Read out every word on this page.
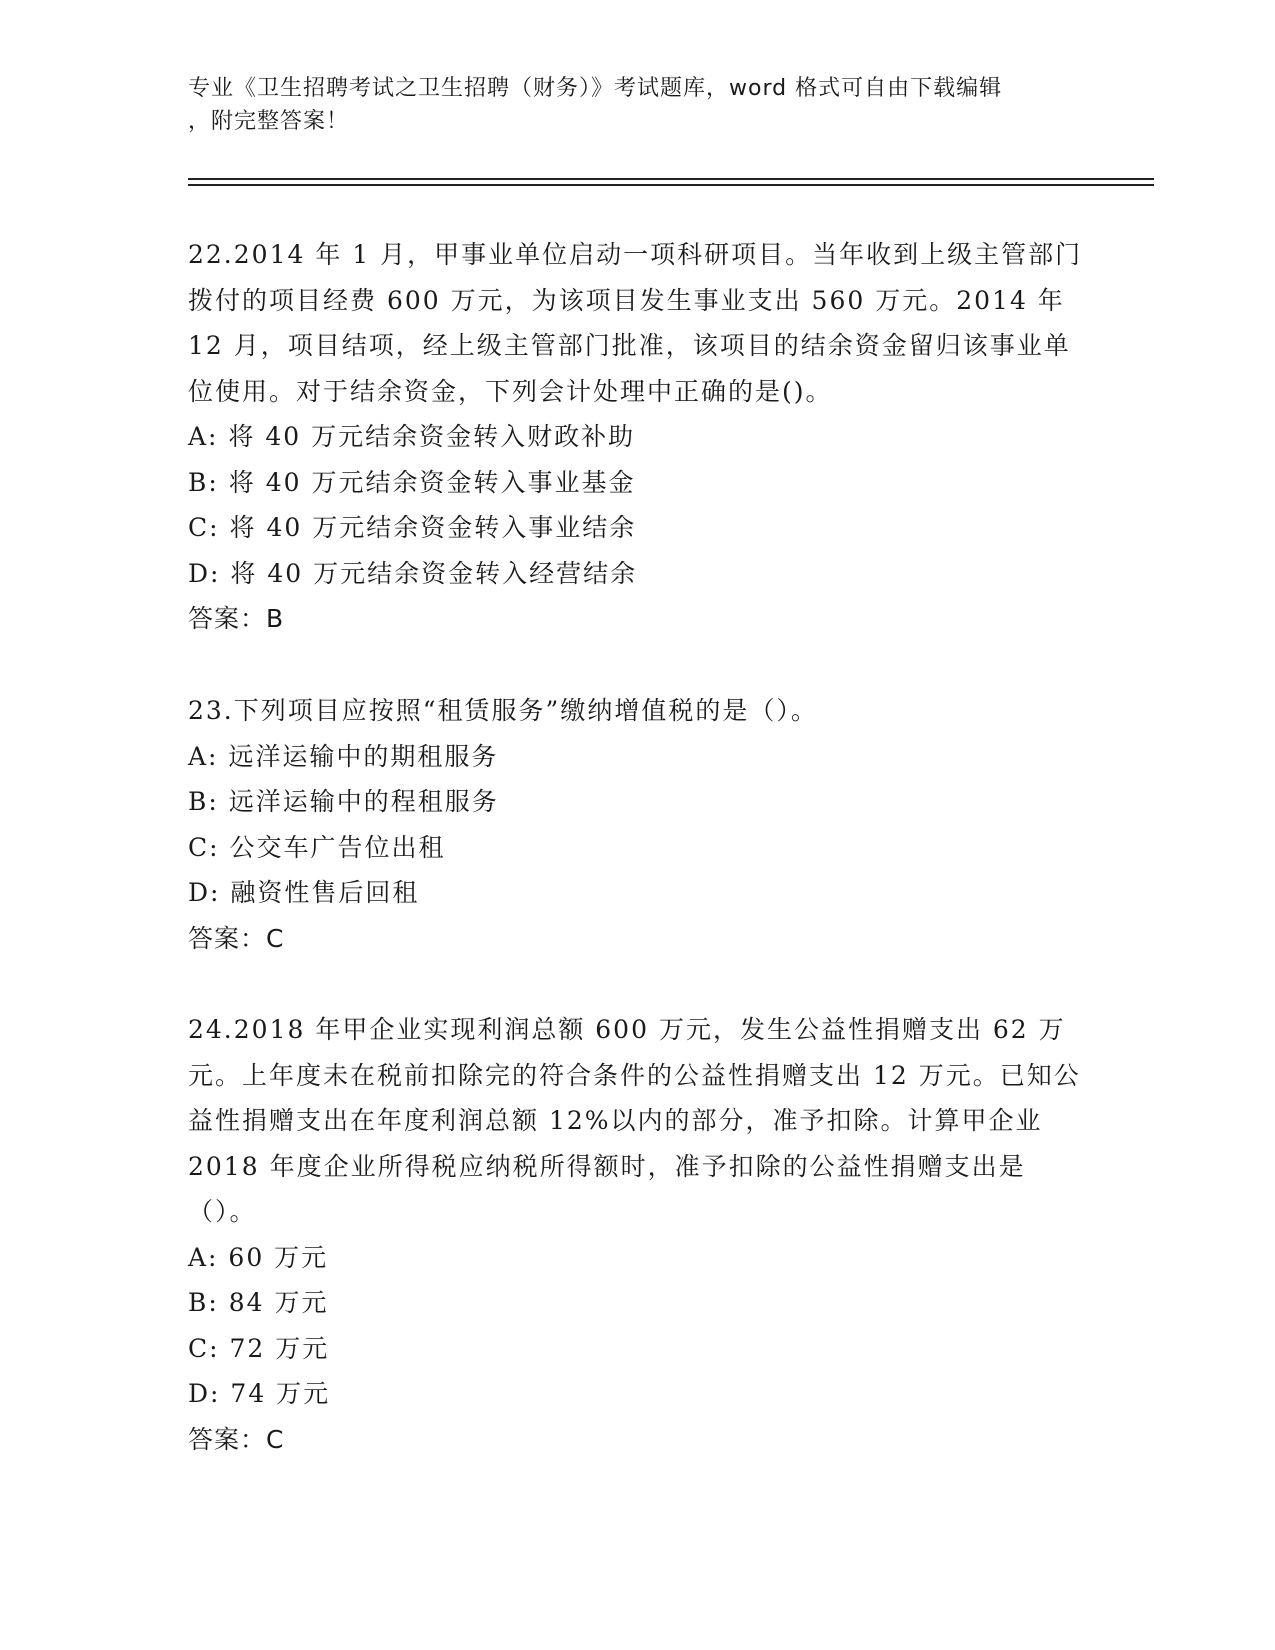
专业《卫生招聘考试之卫生招聘（财务）》考试题库，word 格式可自由下载编辑
，附完整答案！

22.2014 年 1 月，甲事业单位启动一项科研项目。当年收到上级主管部门拨付的项目经费 600 万元，为该项目发生事业支出 560 万元。2014 年 12 月，项目结项，经上级主管部门批准，该项目的结余资金留归该事业单位使用。对于结余资金，下列会计处理中正确的是()。

A: 将 40 万元结余资金转入财政补助

B: 将 40 万元结余资金转入事业基金

C: 将 40 万元结余资金转入事业结余

D: 将 40 万元结余资金转入经营结余

答案：B

23.下列项目应按照“租赁服务”缴纳增值税的是（）。

A: 远洋运输中的期租服务

B: 远洋运输中的程租服务

C: 公交车广告位出租

D: 融资性售后回租

答案：C

24.2018 年甲企业实现利润总额 600 万元，发生公益性捐赠支出 62 万元。上年度未在税前扣除完的符合条件的公益性捐赠支出 12 万元。已知公益性捐赠支出在年度利润总额 12%以内的部分，准予扣除。计算甲企业 2018 年度企业所得税应纳税所得额时，准予扣除的公益性捐赠支出是（）。

A: 60 万元

B: 84 万元

C: 72 万元

D: 74 万元

答案：C
